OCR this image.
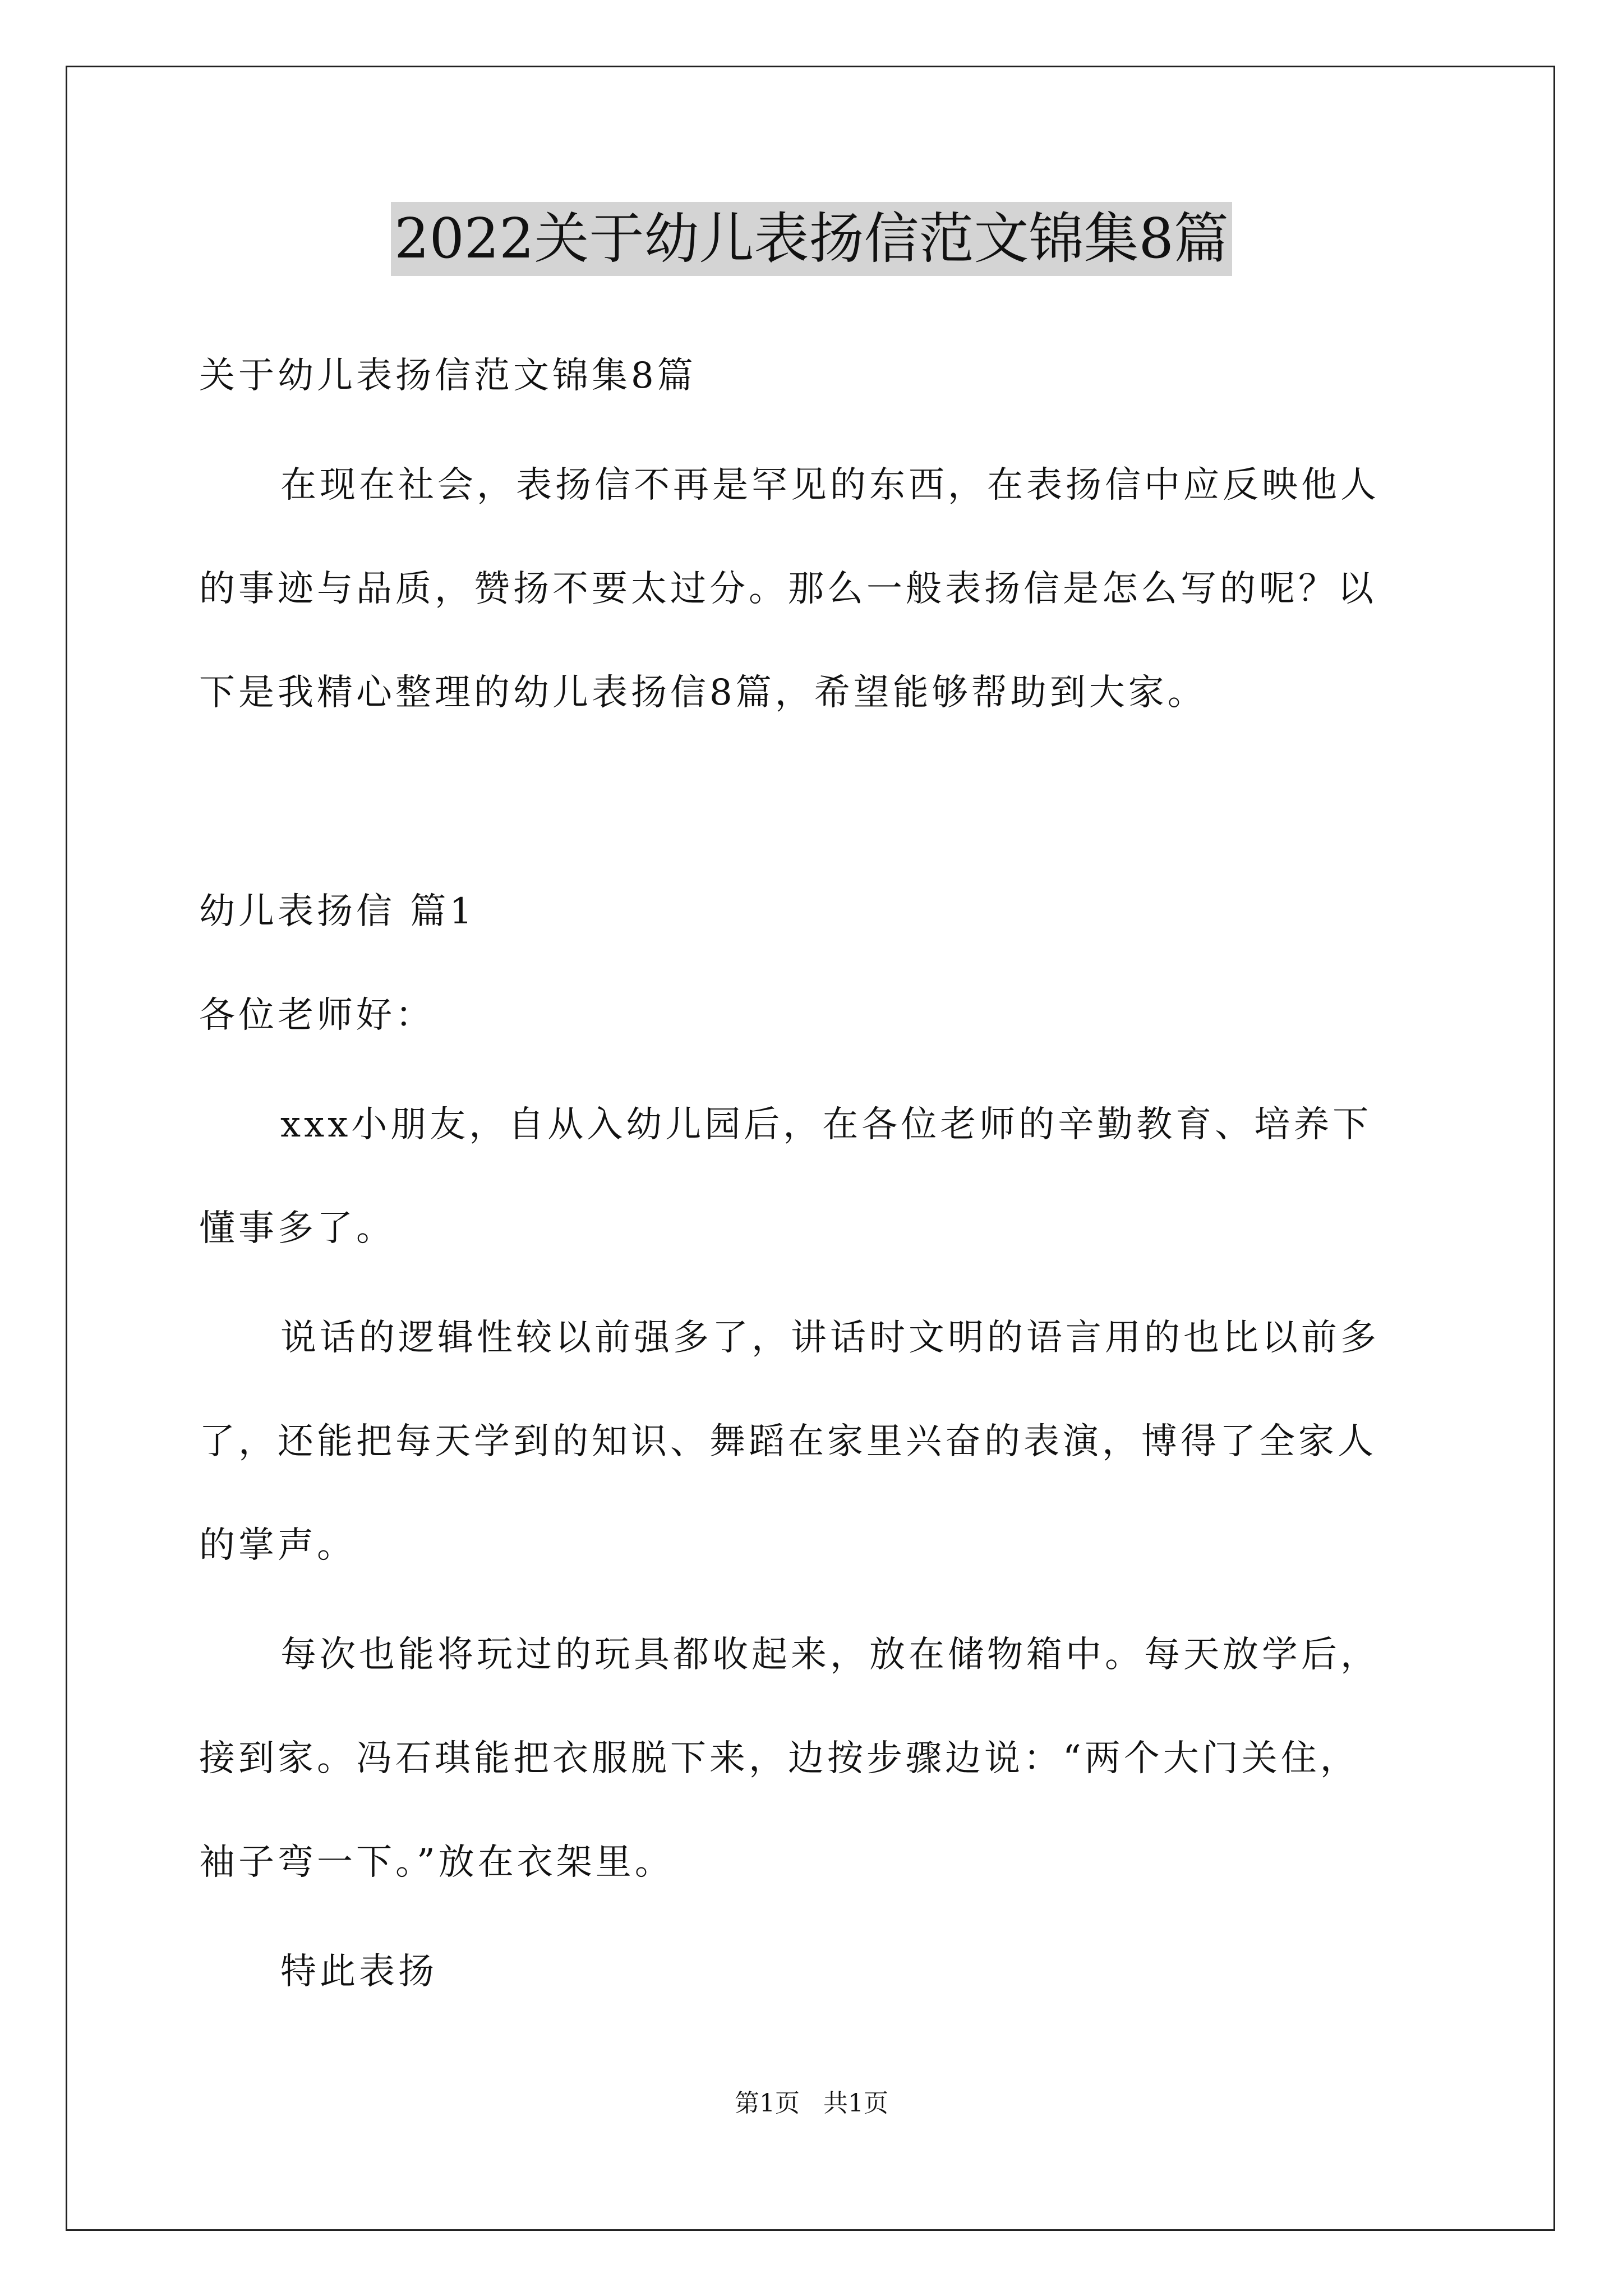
2022关于幼儿表扬信范文锦集8篇
关于幼儿表扬信范文锦集8篇
在现在社会，表扬信不再是罕见的东西，在表扬信中应反映他人
的事迹与品质，赞扬不要太过分。那么一般表扬信是怎么写的呢？以
下是我精心整理的幼儿表扬信8篇，希望能够帮助到大家。
幼儿表扬信 篇1
各位老师好：
xxx小朋友，自从入幼儿园后，在各位老师的辛勤教育、培养下
懂事多了。
说话的逻辑性较以前强多了，讲话时文明的语言用的也比以前多
了，还能把每天学到的知识、舞蹈在家里兴奋的表演，博得了全家人
的掌声。
每次也能将玩过的玩具都收起来，放在储物箱中。每天放学后，
接到家。冯石琪能把衣服脱下来，边按步骤边说：“两个大门关住，
袖子弯一下。”放在衣架里。
特此表扬
第1页   共1页
